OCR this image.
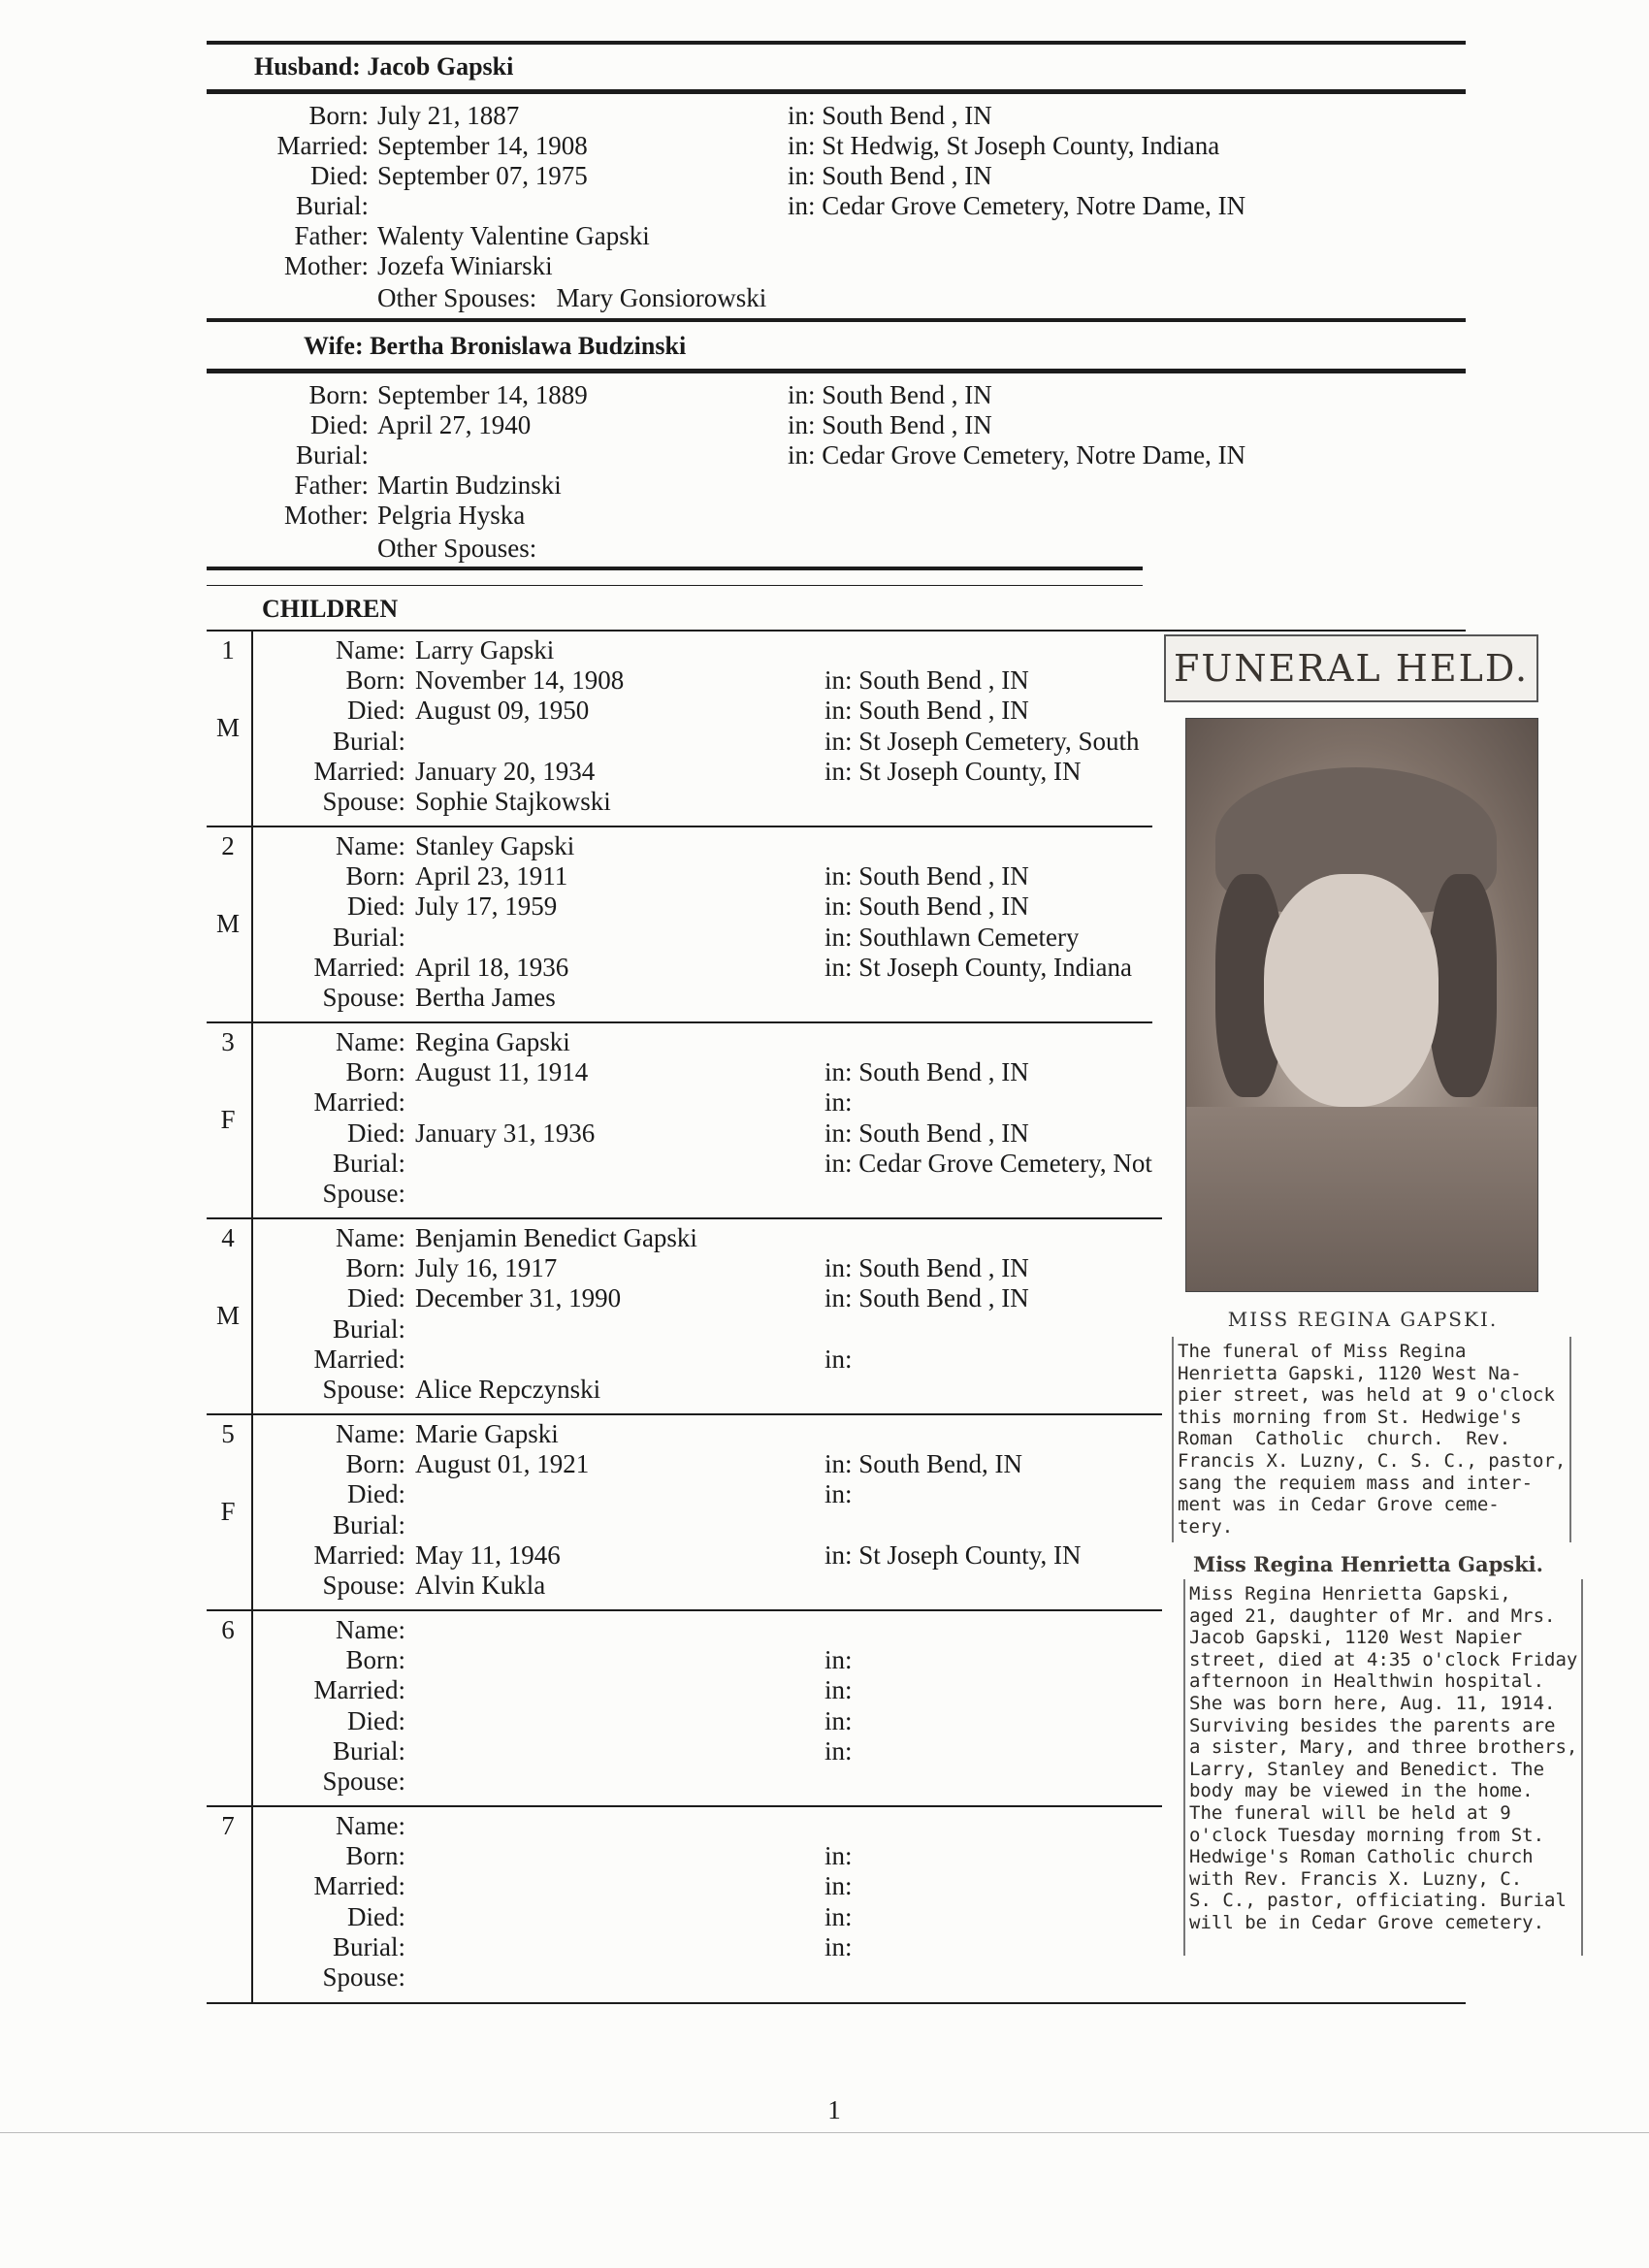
Husband: Jacob Gapski
Born: July 21, 1887	in: South Bend , IN
Married: September 14, 1908	in: St Hedwig, St Joseph County, Indiana
Died: September 07, 1975	in: South Bend , IN
Burial:	in: Cedar Grove Cemetery, Notre Dame, IN
Father: Walenty Valentine Gapski
Mother: Jozefa Winiarski
Other Spouses: Mary Gonsiorowski
Wife: Bertha Bronislawa Budzinski
Born: September 14, 1889	in: South Bend , IN
Died: April 27, 1940	in: South Bend , IN
Burial:	in: Cedar Grove Cemetery, Notre Dame, IN
Father: Martin Budzinski
Mother: Pelgria Hyska
Other Spouses:
CHILDREN
1
M
Name: Larry Gapski
Born: November 14, 1908	in: South Bend , IN
Died: August 09, 1950	in: South Bend , IN
Burial:	in: St Joseph Cemetery, South
Married: January 20, 1934	in: St Joseph County, IN
Spouse: Sophie Stajkowski
2
M
Name: Stanley Gapski
Born: April 23, 1911	in: South Bend , IN
Died: July 17, 1959	in: South Bend , IN
Burial:	in: Southlawn Cemetery
Married: April 18, 1936	in: St Joseph County, Indiana
Spouse: Bertha James
3
F
Name: Regina Gapski
Born: August 11, 1914	in: South Bend , IN
Married:	in:
Died: January 31, 1936	in: South Bend , IN
Burial:	in: Cedar Grove Cemetery, Not
Spouse:
4
M
Name: Benjamin Benedict Gapski
Born: July 16, 1917	in: South Bend , IN
Died: December 31, 1990	in: South Bend , IN
Burial:
Married:	in:
Spouse: Alice Repczynski
5
F
Name: Marie Gapski
Born: August 01, 1921	in: South Bend, IN
Died:	in:
Burial:
Married: May 11, 1946	in: St Joseph County, IN
Spouse: Alvin Kukla
6	Name:
Born:	in:
Married:	in:
Died:	in:
Burial:	in:
Spouse:
7	Name:
Born:	in:
Married:	in:
Died:	in:
Burial:	in:
Spouse:
FUNERAL HELD.
MISS REGINA GAPSKI.
The funeral of Miss Regina
Henrietta Gapski, 1120 West Na-
pier street, was held at 9 o'clock
this morning from St. Hedwige's
Roman  Catholic  church.  Rev.
Francis X. Luzny, C. S. C., pastor,
sang the requiem mass and inter-
ment was in Cedar Grove ceme-
tery.
Miss Regina Henrietta Gapski.
Miss Regina Henrietta Gapski,
aged 21, daughter of Mr. and Mrs.
Jacob Gapski, 1120 West Napier
street, died at 4:35 o'clock Friday
afternoon in Healthwin hospital.
She was born here, Aug. 11, 1914.
Surviving besides the parents are
a sister, Mary, and three brothers,
Larry, Stanley and Benedict. The
body may be viewed in the home.
The funeral will be held at 9
o'clock Tuesday morning from St.
Hedwige's Roman Catholic church
with Rev. Francis X. Luzny, C.
S. C., pastor, officiating. Burial
will be in Cedar Grove cemetery.
1
